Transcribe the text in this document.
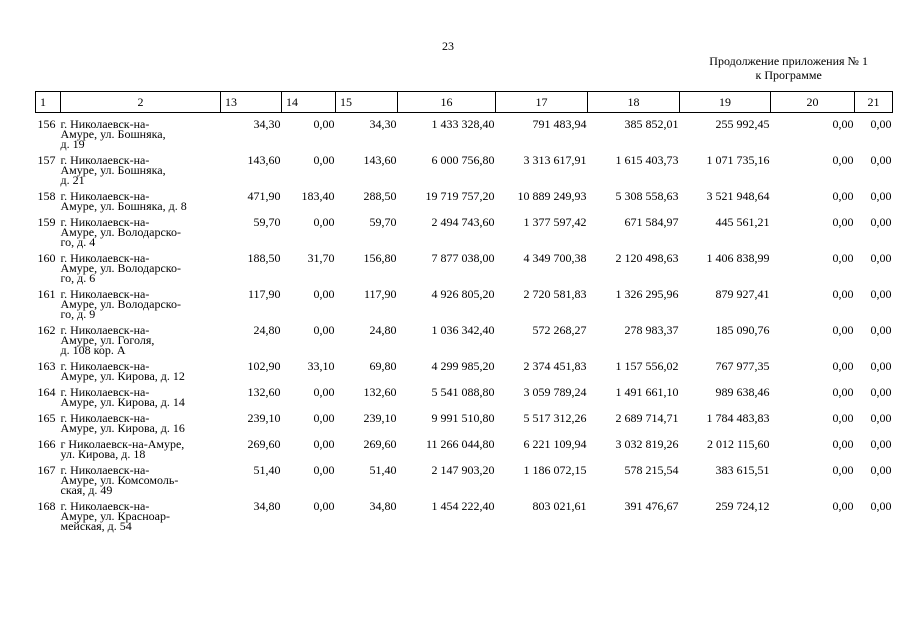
23
Продолжение приложения № 1
к Программе
1	2	13	14	15	16	17	18	19	20	21
156	г. Николаевск-на-
Амуре, ул. Бошняка,
д. 19	34,30	0,00	34,30	1 433 328,40	791 483,94	385 852,01	255 992,45	0,00	0,00
157	г. Николаевск-на-
Амуре, ул. Бошняка,
д. 21	143,60	0,00	143,60	6 000 756,80	3 313 617,91	1 615 403,73	1 071 735,16	0,00	0,00
158	г. Николаевск-на-
Амуре, ул. Бошняка, д. 8	471,90	183,40	288,50	19 719 757,20	10 889 249,93	5 308 558,63	3 521 948,64	0,00	0,00
159	г. Николаевск-на-
Амуре, ул. Володарско-
го, д. 4	59,70	0,00	59,70	2 494 743,60	1 377 597,42	671 584,97	445 561,21	0,00	0,00
160	г. Николаевск-на-
Амуре, ул. Володарско-
го, д. 6	188,50	31,70	156,80	7 877 038,00	4 349 700,38	2 120 498,63	1 406 838,99	0,00	0,00
161	г. Николаевск-на-
Амуре, ул. Володарско-
го, д. 9	117,90	0,00	117,90	4 926 805,20	2 720 581,83	1 326 295,96	879 927,41	0,00	0,00
162	г. Николаевск-на-
Амуре, ул. Гоголя,
д. 108 кор. А	24,80	0,00	24,80	1 036 342,40	572 268,27	278 983,37	185 090,76	0,00	0,00
163	г. Николаевск-на-
Амуре, ул. Кирова, д. 12	102,90	33,10	69,80	4 299 985,20	2 374 451,83	1 157 556,02	767 977,35	0,00	0,00
164	г. Николаевск-на-
Амуре, ул. Кирова, д. 14	132,60	0,00	132,60	5 541 088,80	3 059 789,24	1 491 661,10	989 638,46	0,00	0,00
165	г. Николаевск-на-
Амуре, ул. Кирова, д. 16	239,10	0,00	239,10	9 991 510,80	5 517 312,26	2 689 714,71	1 784 483,83	0,00	0,00
166	г Николаевск-на-Амуре,
ул. Кирова, д. 18	269,60	0,00	269,60	11 266 044,80	6 221 109,94	3 032 819,26	2 012 115,60	0,00	0,00
167	г. Николаевск-на-
Амуре, ул. Комсомоль-
ская, д. 49	51,40	0,00	51,40	2 147 903,20	1 186 072,15	578 215,54	383 615,51	0,00	0,00
168	г. Николаевск-на-
Амуре, ул. Красноар-
мейская, д. 54	34,80	0,00	34,80	1 454 222,40	803 021,61	391 476,67	259 724,12	0,00	0,00
